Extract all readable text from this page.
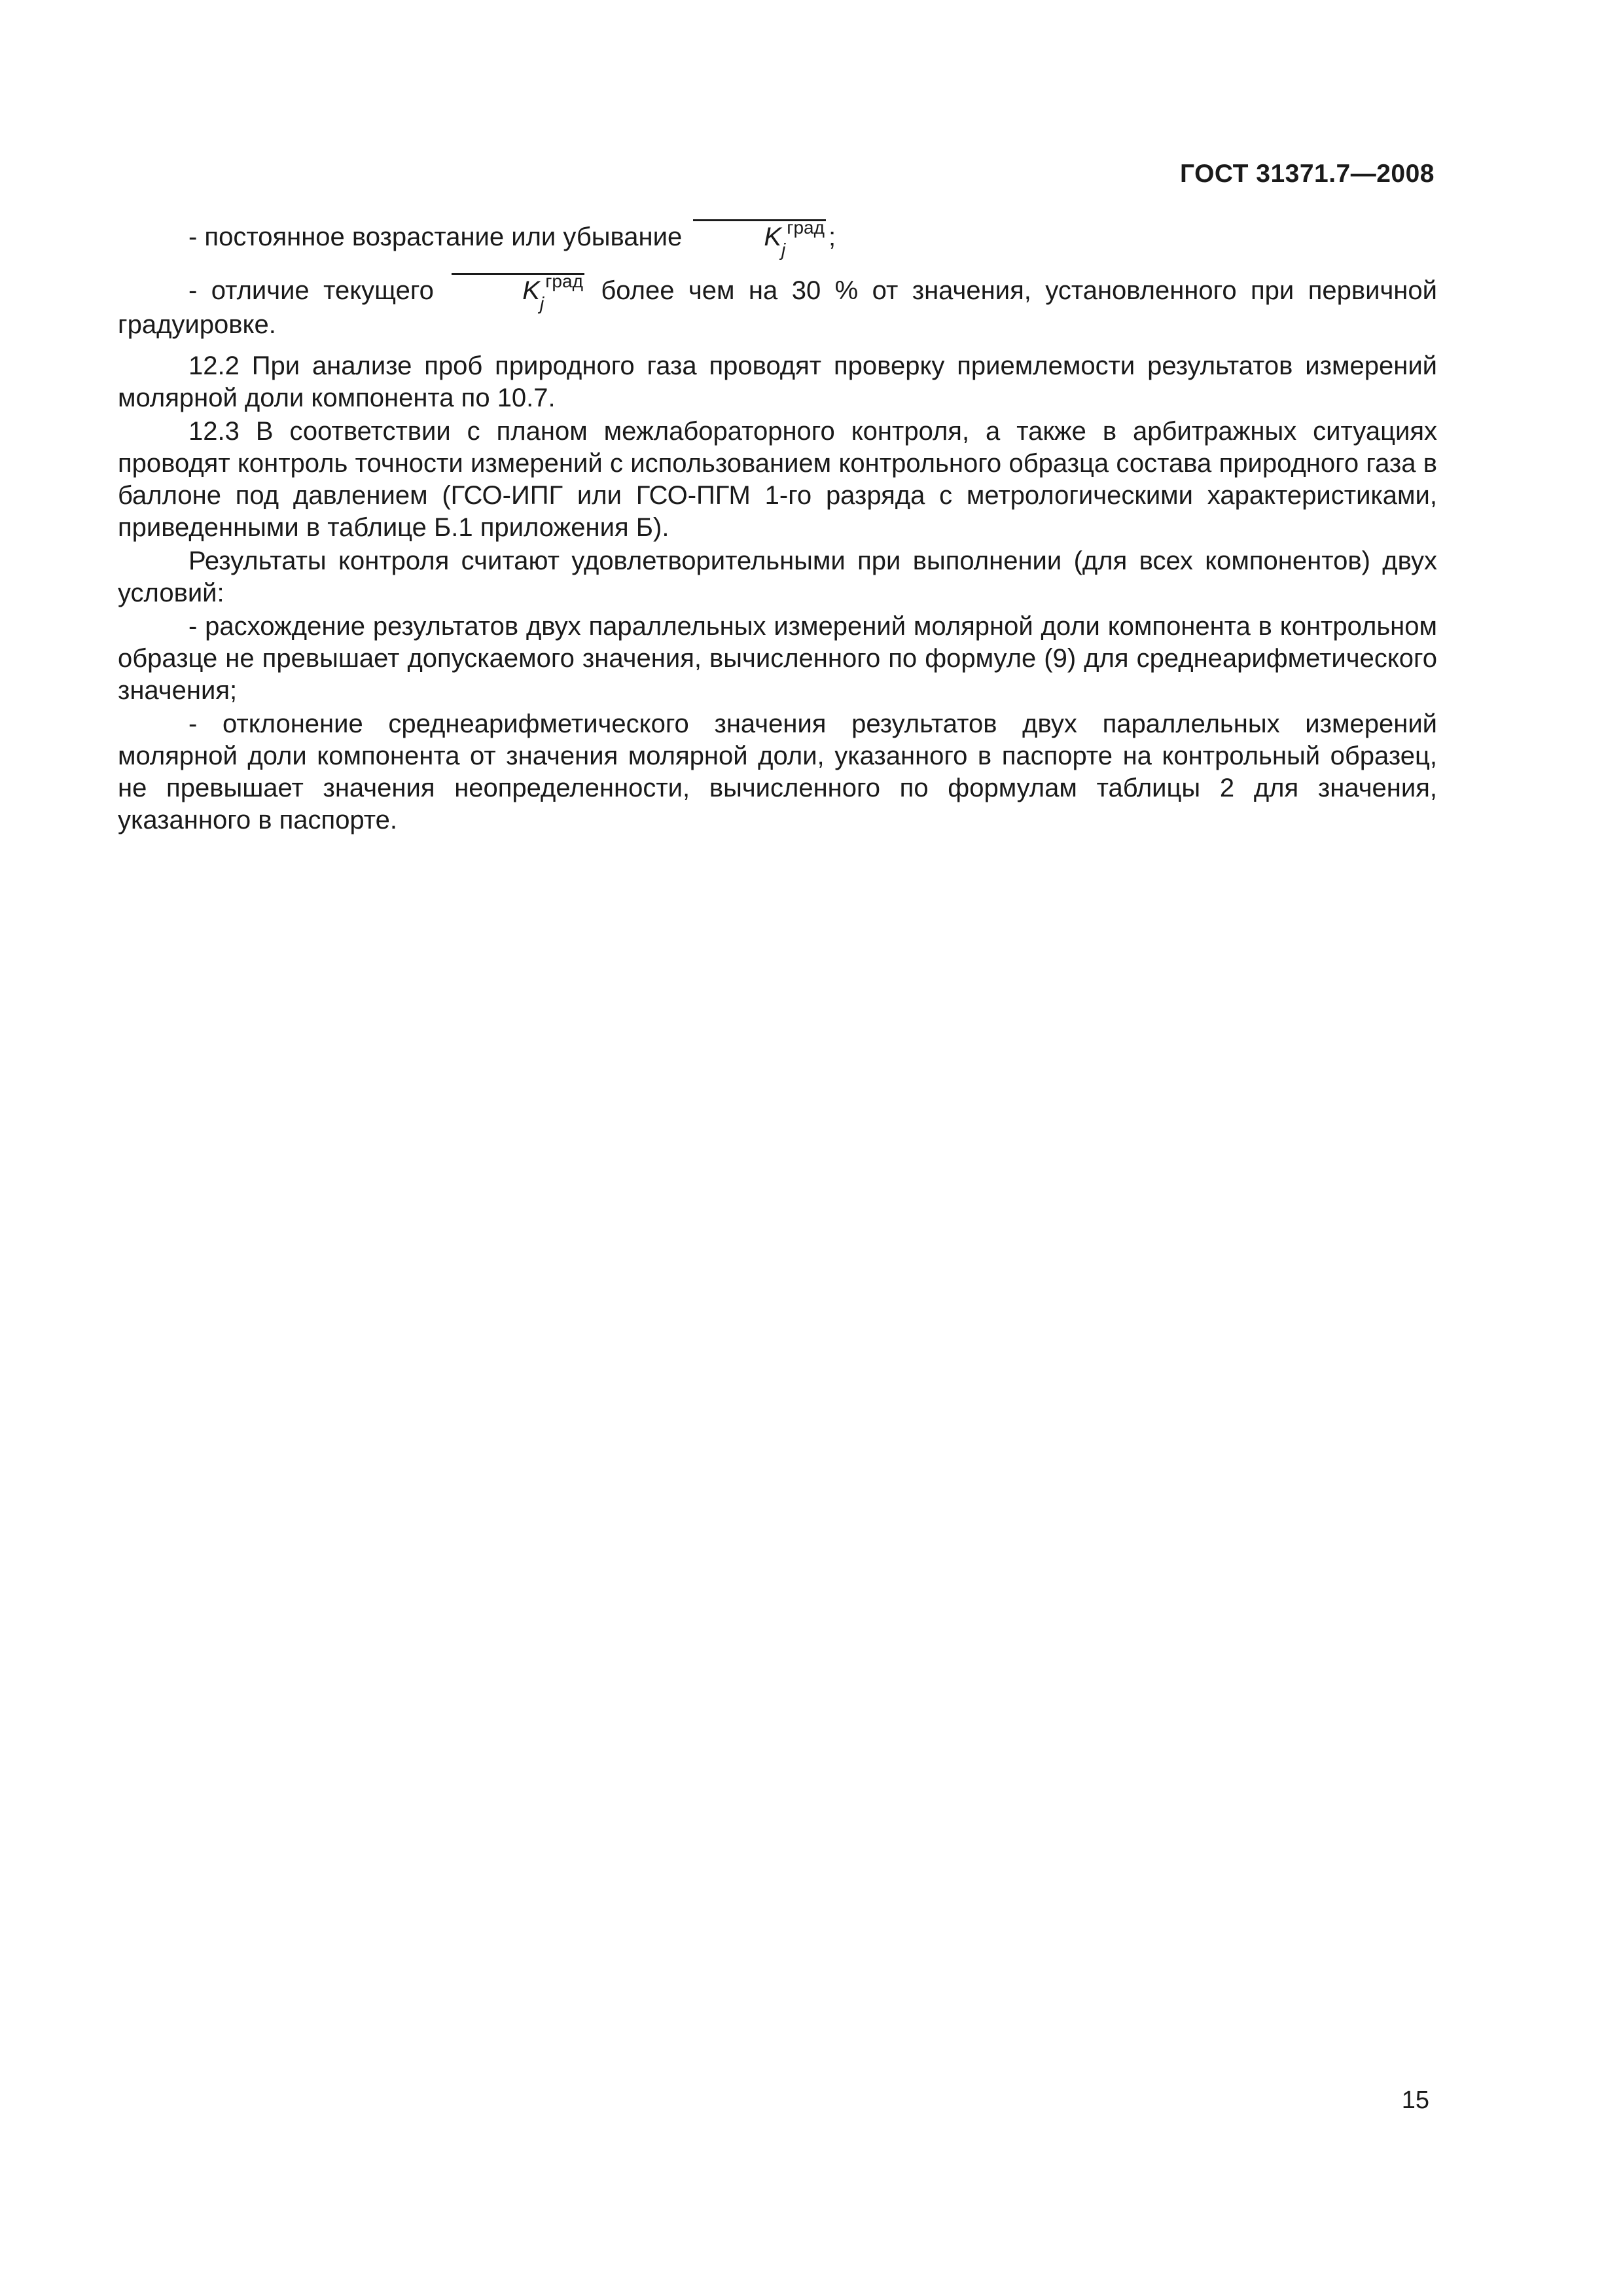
ГОСТ 31371.7—2008

- постоянное возрастание или убывание	$K_j^{град}$ ;

- отличие текущего	$K_j^{град}$ более чем на 30 % от значения, установленного при первичной градуировке.

12.2 При анализе проб природного газа проводят проверку приемлемости результатов измерений молярной доли компонента по 10.7.

12.3 В соответствии с планом межлабораторного контроля, а также в арбитражных ситуациях проводят контроль точности измерений с использованием контрольного образца состава природного газа в баллоне под давлением (ГСО-ИПГ или ГСО-ПГМ 1-го разряда с метрологическими характеристиками, приведенными в таблице Б.1 приложения Б).

Результаты контроля считают удовлетворительными при выполнении (для всех компонентов) двух условий:

- расхождение результатов двух параллельных измерений молярной доли компонента в контрольном образце не превышает допускаемого значения, вычисленного по формуле (9) для среднеарифметического значения;

- отклонение среднеарифметического значения результатов двух параллельных измерений молярной доли компонента от значения молярной доли, указанного в паспорте на контрольный образец, не превышает значения неопределенности, вычисленного по формулам таблицы 2 для значения, указанного в паспорте.

15
